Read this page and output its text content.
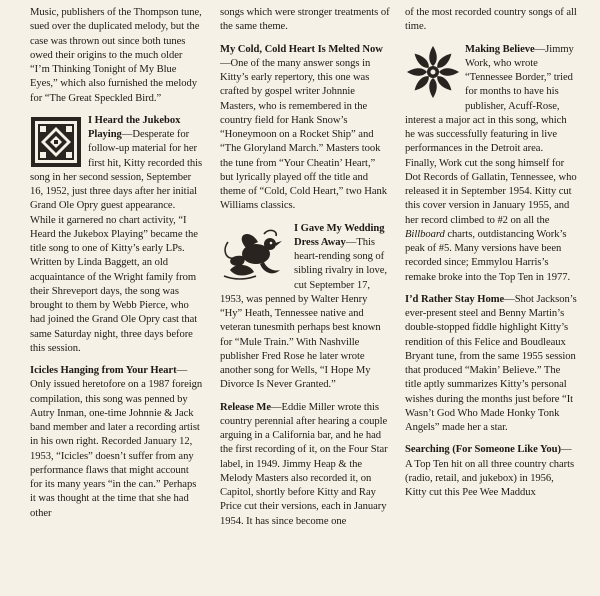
Music, publishers of the Thompson tune, sued over the duplicated melody, but the case was thrown out since both tunes owed their origins to the much older “I’m Thinking Tonight of My Blue Eyes,” which also furnished the melody for “The Great Speckled Bird.”

I Heard the Jukebox Playing—Desperate for follow-up material for her first hit, Kitty recorded this song in her second session, September 16, 1952, just three days after her initial Grand Ole Opry guest appearance. While it garnered no chart activity, “I Heard the Jukebox Playing” became the title song to one of Kitty’s early LPs. Written by Linda Baggett, an old acquaintance of the Wright family from their Shreveport days, the song was brought to them by Webb Pierce, who had joined the Grand Ole Opry cast that same Saturday night, three days before this session.

Icicles Hanging from Your Heart—Only issued heretofore on a 1987 foreign compilation, this song was penned by Autry Inman, one-time Johnnie & Jack band member and later a recording artist in his own right. Recorded January 12, 1953, “Icicles” doesn’t suffer from any performance flaws that might account for its many years “in the can.” Perhaps it was thought at the time that she had other

songs which were stronger treatments of the same theme.

My Cold, Cold Heart Is Melted Now—One of the many answer songs in Kitty’s early repertory, this one was crafted by gospel writer Johnnie Masters, who is remembered in the country field for Hank Snow’s “Honeymoon on a Rocket Ship” and “The Gloryland March.” Masters took the tune from “Your Cheatin’ Heart,” but lyrically played off the title and theme of “Cold, Cold Heart,” two Hank Williams classics.

I Gave My Wedding Dress Away—This heart-rending song of sibling rivalry in love, cut September 17, 1953, was penned by Walter Henry “Hy” Heath, Tennessee native and veteran tunesmith perhaps best known for “Mule Train.” With Nashville publisher Fred Rose he later wrote another song for Wells, “I Hope My Divorce Is Never Granted.”

Release Me—Eddie Miller wrote this country perennial after hearing a couple arguing in a California bar, and he had the first recording of it, on the Four Star label, in 1949. Jimmy Heap & the Melody Masters also recorded it, on Capitol, shortly before Kitty and Ray Price cut their versions, each in January 1954. It has since become one

of the most recorded country songs of all time.

Making Believe—Jimmy Work, who wrote “Tennessee Border,” tried for months to have his publisher, Acuff-Rose, interest a major act in this song, which he was successfully featuring in live performances in the Detroit area. Finally, Work cut the song himself for Dot Records of Gallatin, Tennessee, who released it in September 1954. Kitty cut this cover version in January 1955, and her record climbed to #2 on all the Billboard charts, outdistancing Work’s peak of #5. Many versions have been recorded since; Emmylou Harris’s remake broke into the Top Ten in 1977.

I’d Rather Stay Home—Shot Jackson’s ever-present steel and Benny Martin’s double-stopped fiddle highlight Kitty’s rendition of this Felice and Boudleaux Bryant tune, from the same 1955 session that produced “Makin’ Believe.” The title aptly summarizes Kitty’s personal wishes during the months just before “It Wasn’t God Who Made Honky Tonk Angels” made her a star.

Searching (For Someone Like You)—A Top Ten hit on all three country charts (radio, retail, and jukebox) in 1956, Kitty cut this Pee Wee Maddux
